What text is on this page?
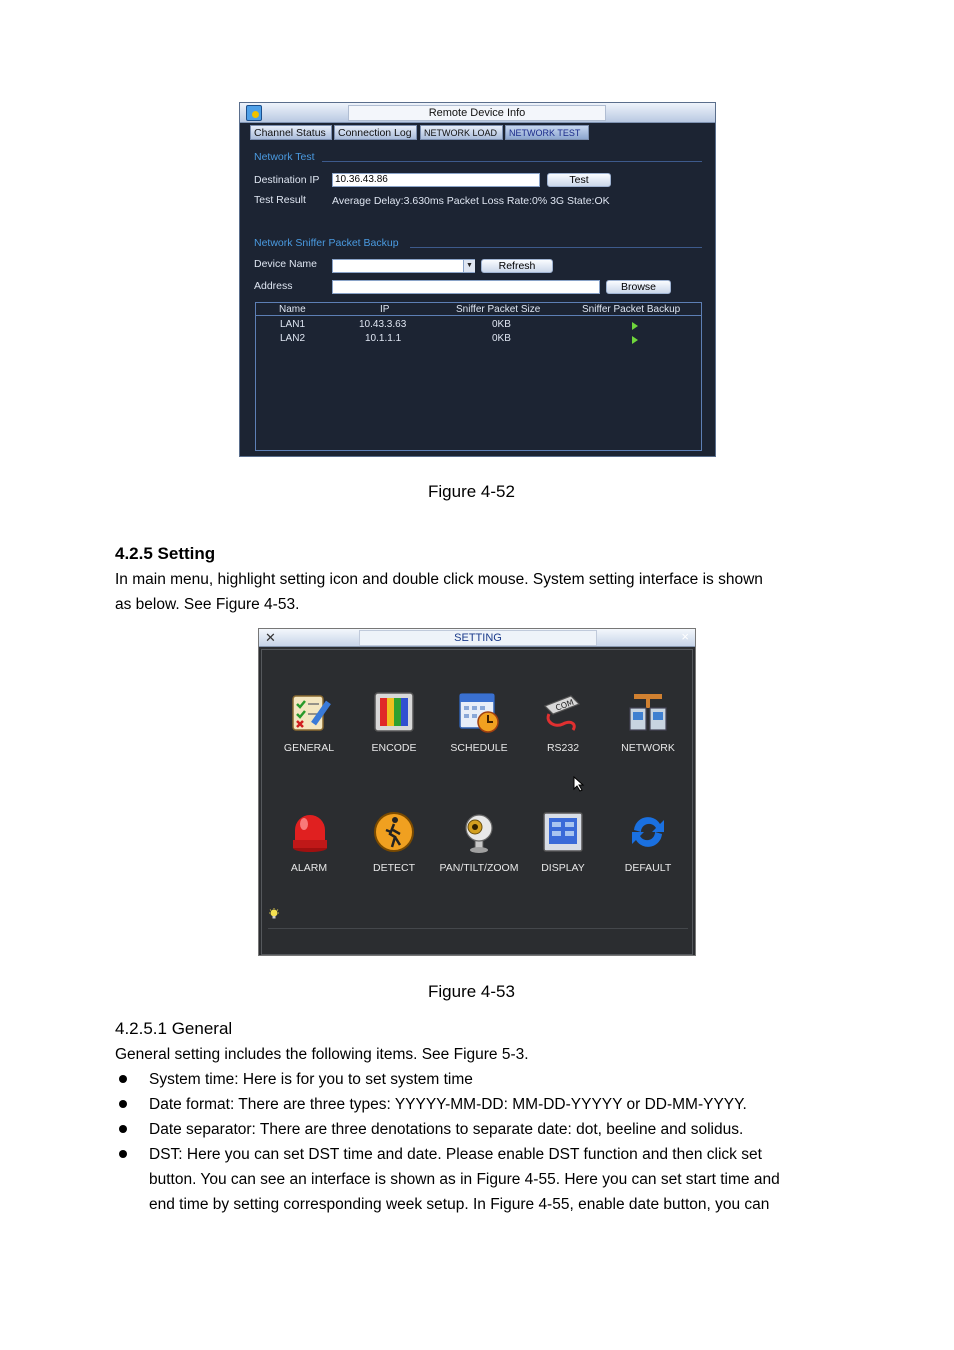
Remote Device Info
Channel Status	Connection Log	NETWORK LOAD	NETWORK TEST
Network Test
Destination IP	10.36.43.86	Test
Test Result Average Delay:3.630ms Packet Loss Rate:0% 3G State:OK
Network Sniffer Packet Backup
Device Name	▼	Refresh
Address	Browse
Name	IP	Sniffer Packet Size	Sniffer Packet Backup
LAN1	10.43.3.63	0KB
LAN2	10.1.1.1	0KB
Figure 4-52
4.2.5 Setting
In main menu, highlight setting icon and double click mouse. System setting interface is shown
as below. See Figure 4-53.
✕	SETTING	×
GENERAL	ENCODE	SCHEDULE
COM
RS232	NETWORK
ALARM	DETECT	PAN/TILT/ZOOM	DISPLAY	DEFAULT
Figure 4-53
4.2.5.1 General
General setting includes the following items. See Figure 5-3.
System time: Here is for you to set system time
Date format: There are three types: YYYYY-MM-DD: MM-DD-YYYYY or DD-MM-YYYY.
Date separator: There are three denotations to separate date: dot, beeline and solidus.
DST: Here you can set DST time and date. Please enable DST function and then click set
button. You can see an interface is shown as in Figure 4-55. Here you can set start time and
end time by setting corresponding week setup. In Figure 4-55, enable date button, you can
